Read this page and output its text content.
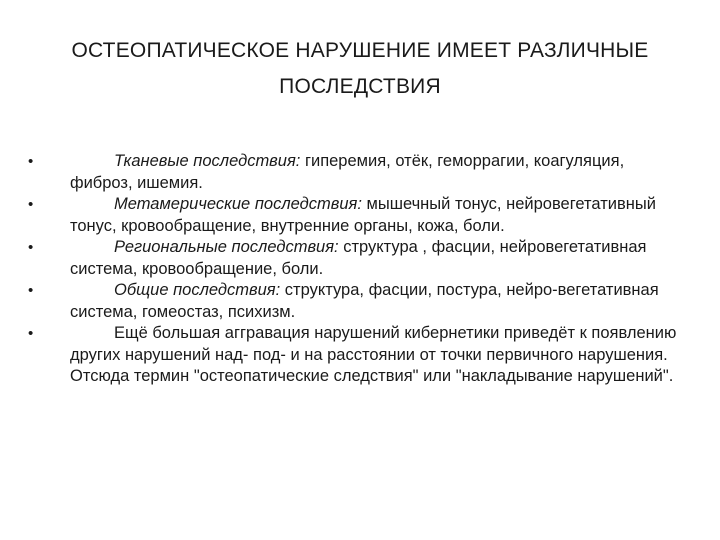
ОСТЕОПАТИЧЕСКОЕ НАРУШЕНИЕ ИМЕЕТ РАЗЛИЧНЫЕ
ПОСЛЕДСТВИЯ
•	Тканевые последствия: гиперемия, отёк, геморрагии, коагуляция, фиброз, ишемия.
•	Метамерические последствия: мышечный тонус, нейровегетативный тонус, кровообращение, внутренние органы, кожа, боли.
•	Региональные последствия: структура , фасции, нейровегетативная система, кровообращение, боли.
•	Общие последствия: структура, фасции, постура, нейро-вегетативная система, гомеостаз, психизм.
•	Ещё большая аггравация нарушений кибернетики приведёт к появлению других нарушений над- под- и на расстоянии от точки первичного нарушения. Отсюда термин "остеопатические следствия" или "накладывание нарушений".
